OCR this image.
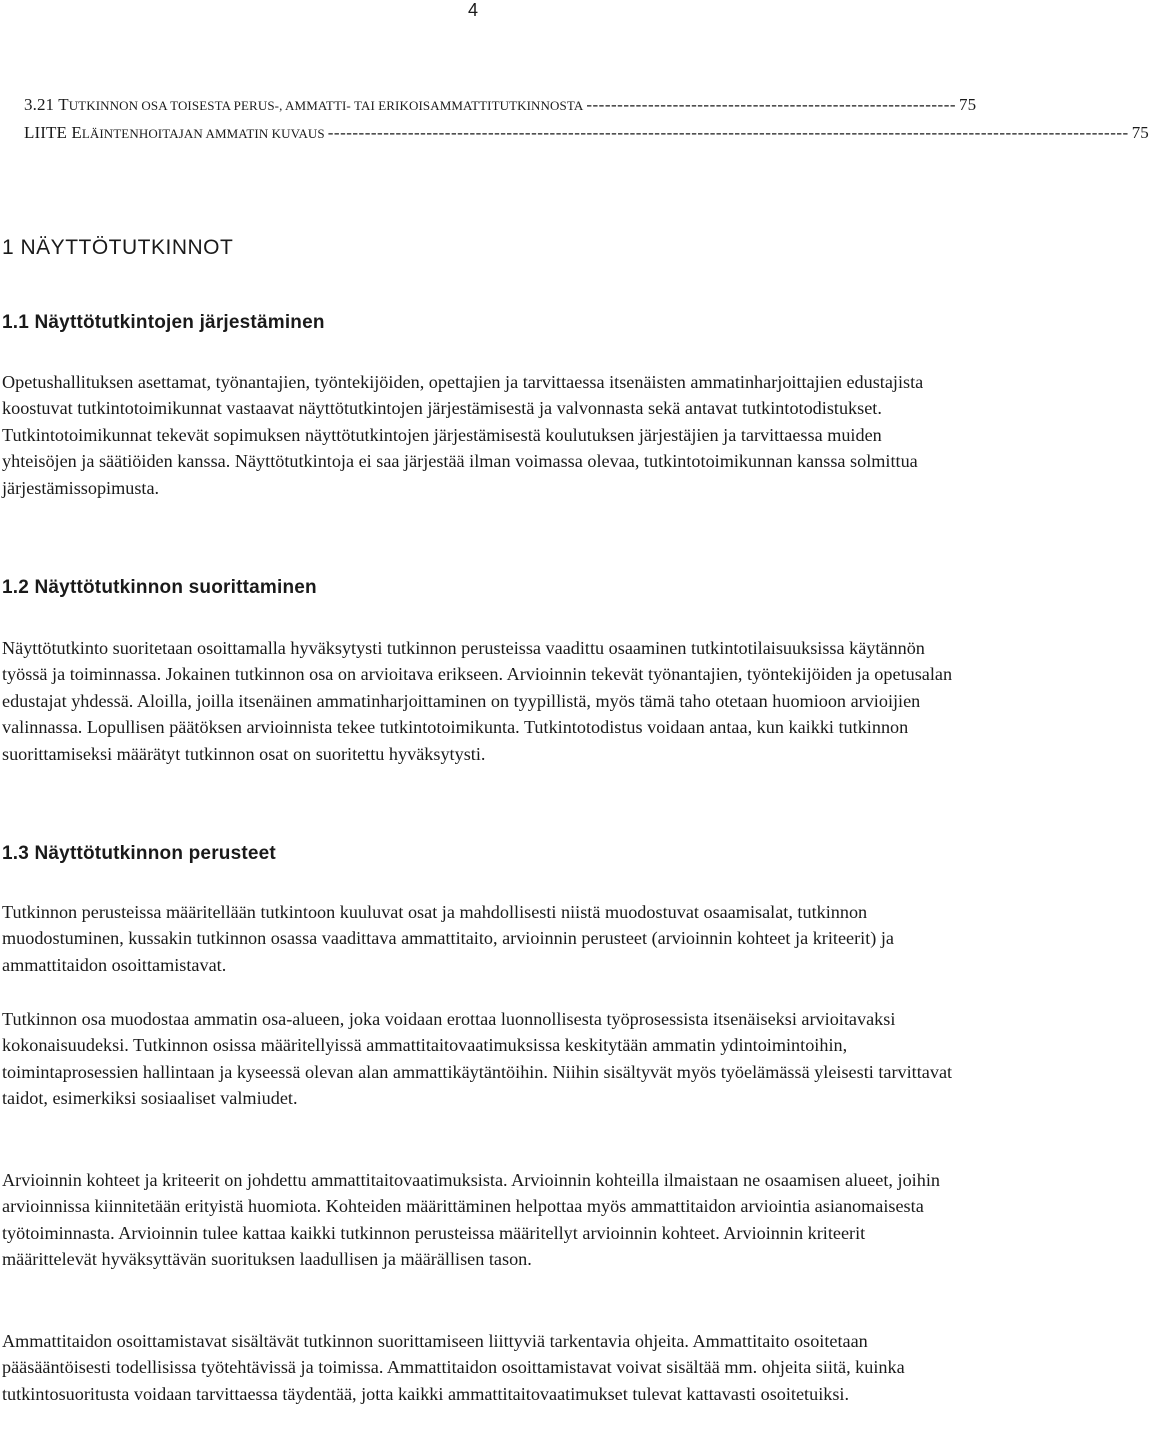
4
3.21 TUTKINNON OSA TOISESTA PERUS-, AMMATTI- TAI ERIKOISAMMATTITUTKINNOSTA ------------------------------------------------------------ 75
LIITE ELÄINTENHOITAJAN AMMATIN KUVAUS ---------------------------------------------------------------------------------------------------------------------------------- 75
1 NÄYTTÖTUTKINNOT
1.1 Näyttötutkintojen järjestäminen

Opetushallituksen asettamat, työnantajien, työntekijöiden, opettajien ja tarvittaessa itsenäisten ammatinharjoittajien edustajista koostuvat tutkintotoimikunnat vastaavat näyttötutkintojen järjestämisestä ja valvonnasta sekä antavat tutkintotodistukset. Tutkintotoimikunnat tekevät sopimuksen näyttötutkintojen järjestämisestä koulutuksen järjestäjien ja tarvittaessa muiden yhteisöjen ja säätiöiden kanssa. Näyttötutkintoja ei saa järjestää ilman voimassa olevaa, tutkintotoimikunnan kanssa solmittua järjestämissopimusta.

1.2 Näyttötutkinnon suorittaminen

Näyttötutkinto suoritetaan osoittamalla hyväksytysti tutkinnon perusteissa vaadittu osaaminen tutkintotilaisuuksissa käytännön työssä ja toiminnassa. Jokainen tutkinnon osa on arvioitava erikseen. Arvioinnin tekevät työnantajien, työntekijöiden ja opetusalan edustajat yhdessä. Aloilla, joilla itsenäinen ammatinharjoittaminen on tyypillistä, myös tämä taho otetaan huomioon arvioijien valinnassa. Lopullisen päätöksen arvioinnista tekee tutkintotoimikunta. Tutkintotodistus voidaan antaa, kun kaikki tutkinnon suorittamiseksi määrätyt tutkinnon osat on suoritettu hyväksytysti.

1.3 Näyttötutkinnon perusteet

Tutkinnon perusteissa määritellään tutkintoon kuuluvat osat ja mahdollisesti niistä muodostuvat osaamisalat, tutkinnon muodostuminen, kussakin tutkinnon osassa vaadittava ammattitaito, arvioinnin perusteet (arvioinnin kohteet ja kriteerit) ja ammattitaidon osoittamistavat.

Tutkinnon osa muodostaa ammatin osa-alueen, joka voidaan erottaa luonnollisesta työprosessista itsenäiseksi arvioitavaksi kokonaisuudeksi. Tutkinnon osissa määritellyissä ammattitaitovaatimuksissa keskitytään ammatin ydintoimintoihin, toimintaprosessien hallintaan ja kyseessä olevan alan ammattikäytäntöihin. Niihin sisältyvät myös työelämässä yleisesti tarvittavat taidot, esimerkiksi sosiaaliset valmiudet.

Arvioinnin kohteet ja kriteerit on johdettu ammattitaitovaatimuksista. Arvioinnin kohteilla ilmaistaan ne osaamisen alueet, joihin arvioinnissa kiinnitetään erityistä huomiota. Kohteiden määrittäminen helpottaa myös ammattitaidon arviointia asianomaisesta työtoiminnasta. Arvioinnin tulee kattaa kaikki tutkinnon perusteissa määritellyt arvioinnin kohteet. Arvioinnin kriteerit määrittelevät hyväksyttävän suorituksen laadullisen ja määrällisen tason.

Ammattitaidon osoittamistavat sisältävät tutkinnon suorittamiseen liittyviä tarkentavia ohjeita. Ammattitaito osoitetaan pääsääntöisesti todellisissa työtehtävissä ja toimissa. Ammattitaidon osoittamistavat voivat sisältää mm. ohjeita siitä, kuinka tutkintosuoritusta voidaan tarvittaessa täydentää, jotta kaikki ammattitaitovaatimukset tulevat kattavasti osoitetuiksi.
